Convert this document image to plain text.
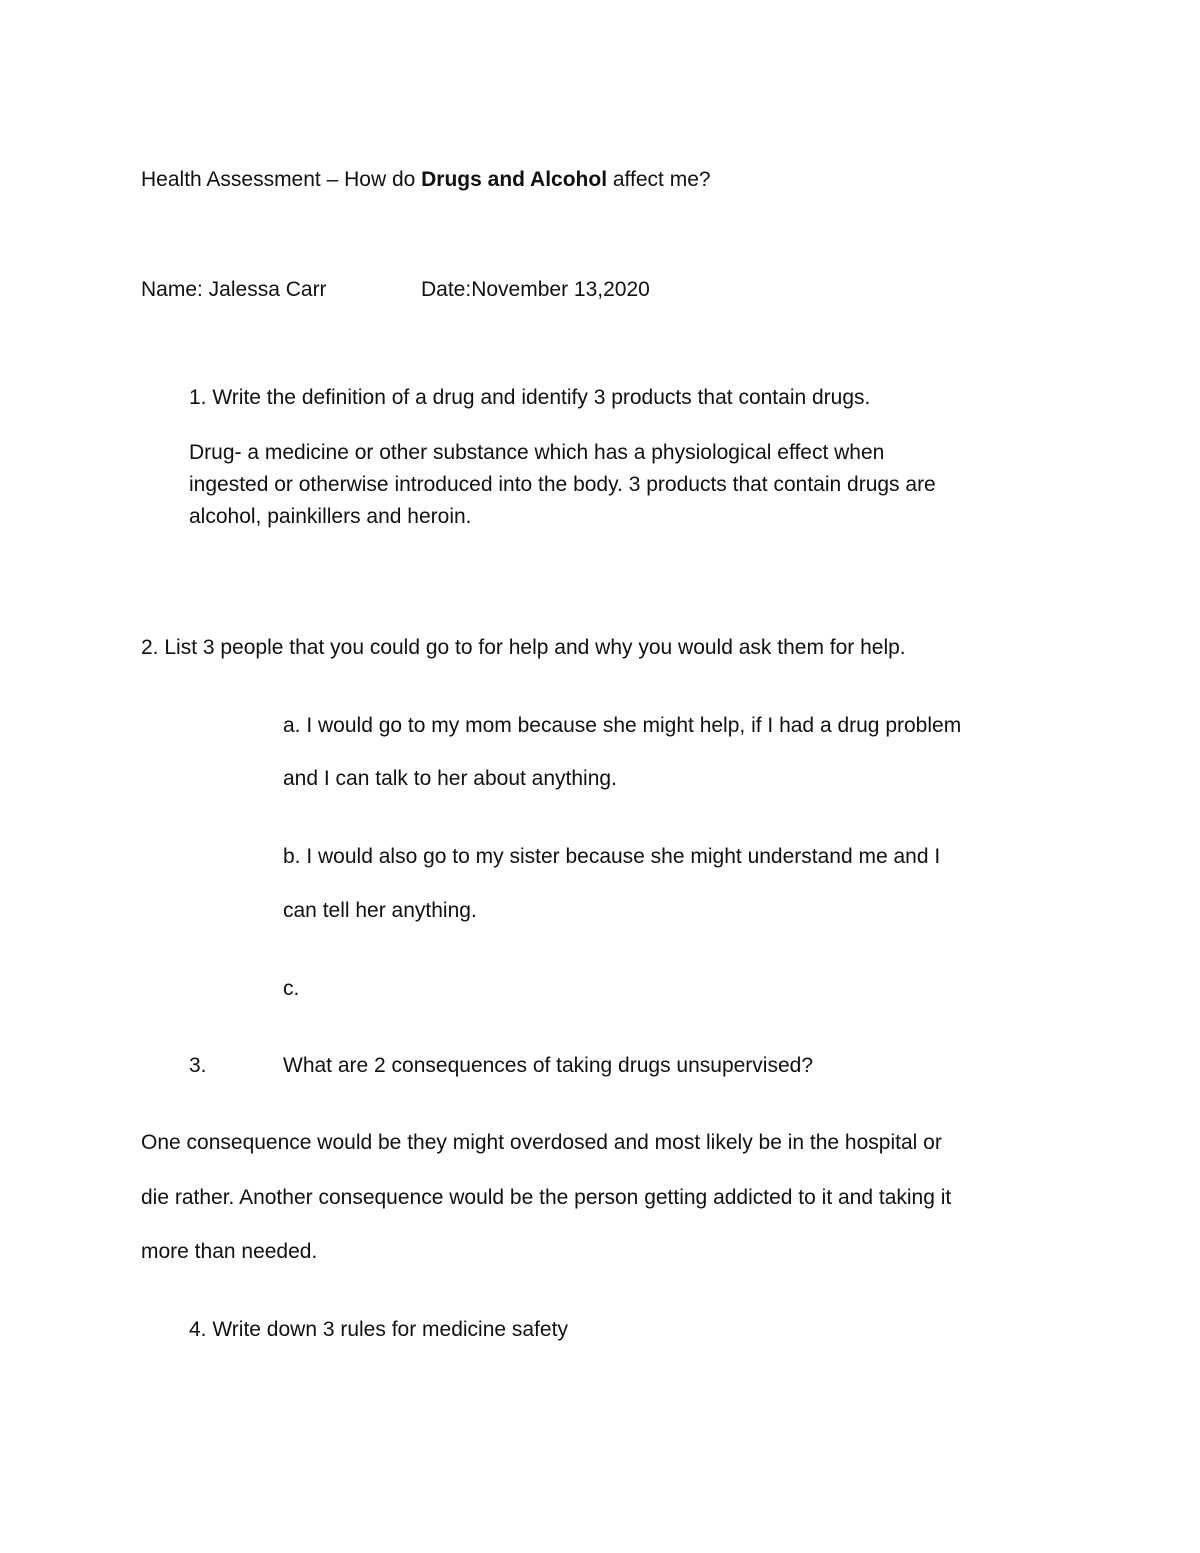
Health Assessment – How do Drugs and Alcohol affect me?
Name: Jalessa Carr	Date:November 13,2020
1. Write the definition of a drug and identify 3 products that contain drugs.
Drug- a medicine or other substance which has a physiological effect when
ingested or otherwise introduced into the body. 3 products that contain drugs are
alcohol, painkillers and heroin.
2. List 3 people that you could go to for help and why you would ask them for help.
a. I would go to my mom because she might help, if I had a drug problem
and I can talk to her about anything.
b. I would also go to my sister because she might understand me and I
can tell her anything.
c.
3.	What are 2 consequences of taking drugs unsupervised?
One consequence would be they might overdosed and most likely be in the hospital or
die rather. Another consequence would be the person getting addicted to it and taking it
more than needed.
4. Write down 3 rules for medicine safety
